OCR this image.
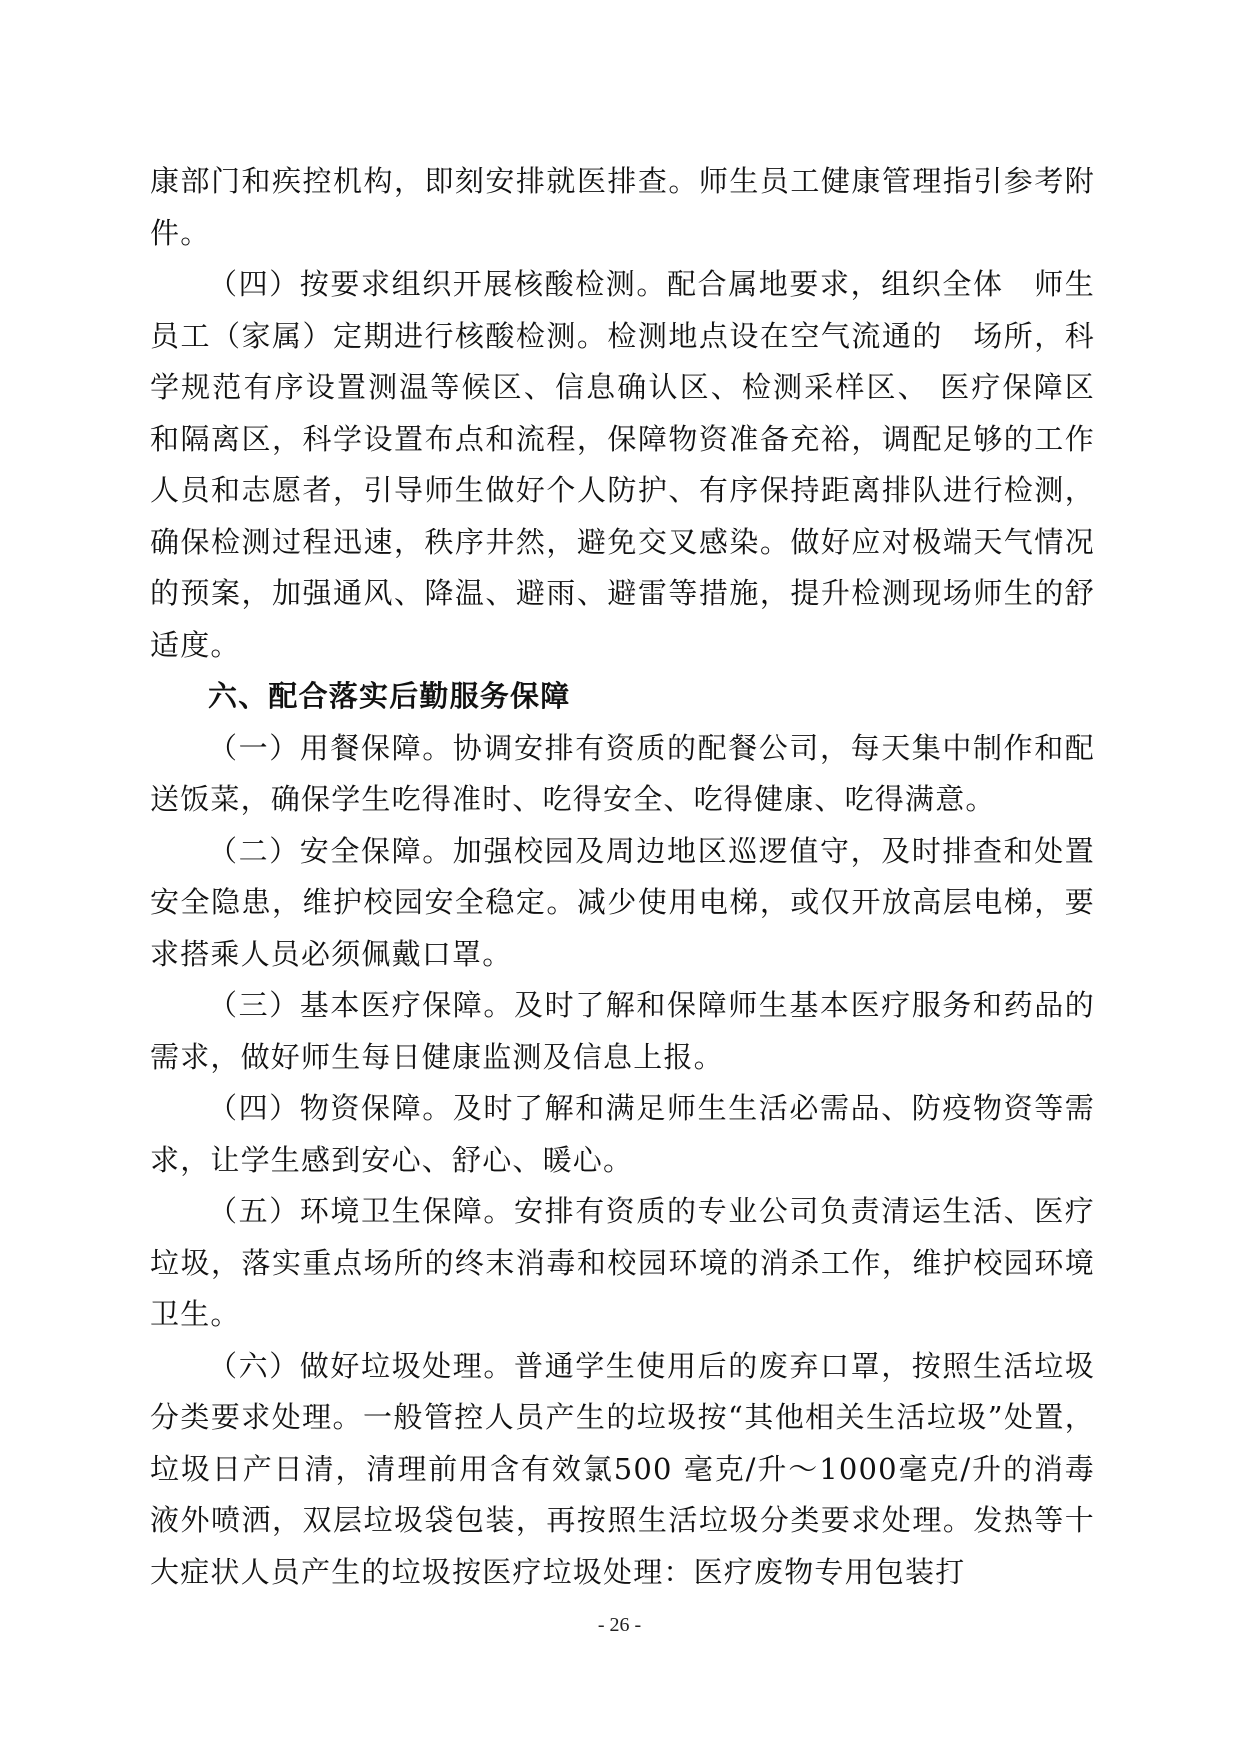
康部门和疾控机构，即刻安排就医排查。师生员工健康管理指引参考附件。

（四）按要求组织开展核酸检测。配合属地要求，组织全体　师生员工（家属）定期进行核酸检测。检测地点设在空气流通的　场所，科学规范有序设置测温等候区、信息确认区、检测采样区、 医疗保障区和隔离区，科学设置布点和流程，保障物资准备充裕，调配足够的工作人员和志愿者，引导师生做好个人防护、有序保持距离排队进行检测，确保检测过程迅速，秩序井然，避免交叉感染。做好应对极端天气情况的预案，加强通风、降温、避雨、避雷等措施，提升检测现场师生的舒适度。

六、配合落实后勤服务保障

（一）用餐保障。协调安排有资质的配餐公司，每天集中制作和配送饭菜，确保学生吃得准时、吃得安全、吃得健康、吃得满意。

（二）安全保障。加强校园及周边地区巡逻值守，及时排查和处置安全隐患，维护校园安全稳定。减少使用电梯，或仅开放高层电梯，要求搭乘人员必须佩戴口罩。

（三）基本医疗保障。及时了解和保障师生基本医疗服务和药品的需求，做好师生每日健康监测及信息上报。

（四）物资保障。及时了解和满足师生生活必需品、防疫物资等需求，让学生感到安心、舒心、暖心。

（五）环境卫生保障。安排有资质的专业公司负责清运生活、医疗垃圾，落实重点场所的终末消毒和校园环境的消杀工作，维护校园环境卫生。

（六）做好垃圾处理。普通学生使用后的废弃口罩，按照生活垃圾分类要求处理。一般管控人员产生的垃圾按“其他相关生活垃圾”处置，垃圾日产日清，清理前用含有效氯500 毫克/升～1000毫克/升的消毒液外喷洒，双层垃圾袋包装，再按照生活垃圾分类要求处理。发热等十大症状人员产生的垃圾按医疗垃圾处理：医疗废物专用包装打

- 26 -
